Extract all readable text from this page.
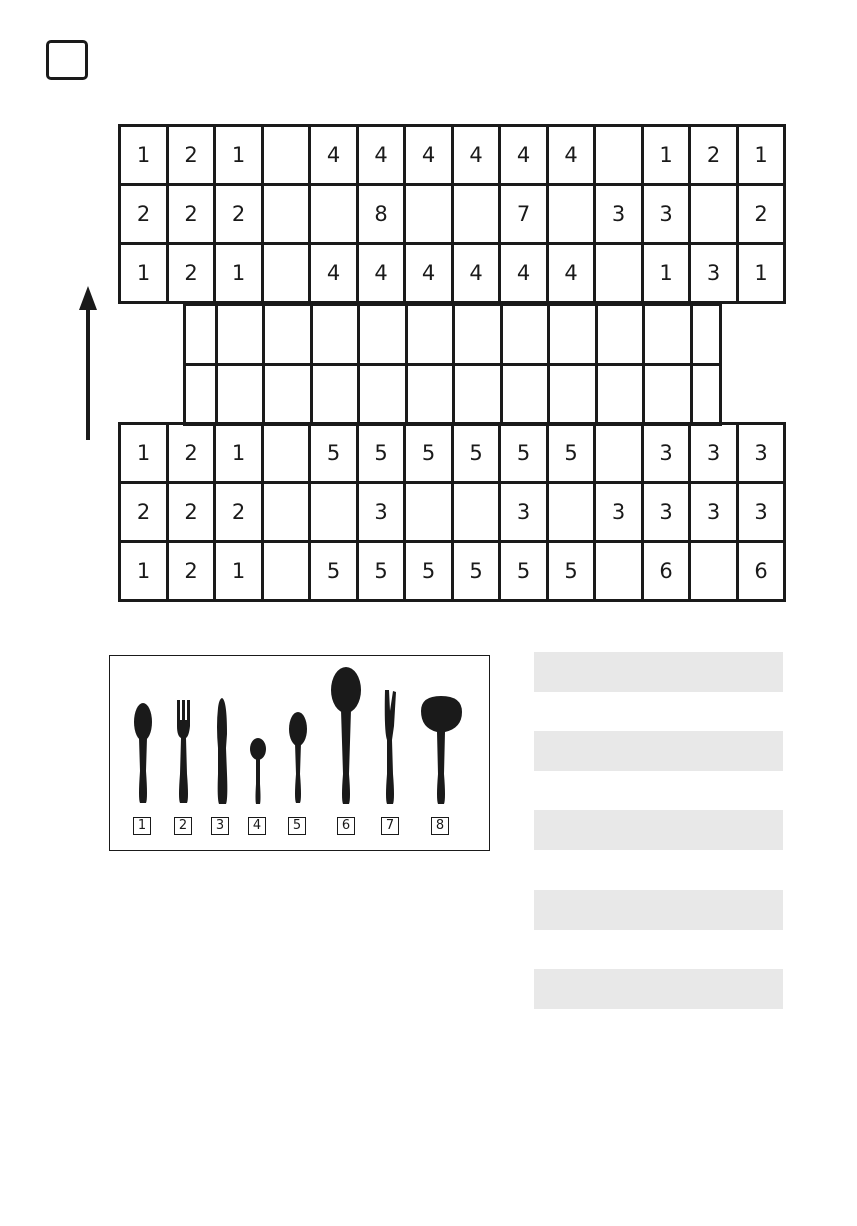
1	2	1		4	4	4	4	4	4		1	2	1
2	2	2			8			7		3	3		2
1	2	1		4	4	4	4	4	4		1	3	1

1	2	1		5	5	5	5	5	5		3	3	3
2	2	2			3			3		3	3	3	3
1	2	1		5	5	5	5	5	5		6		6
1	2	3	4	5	6	7	8
